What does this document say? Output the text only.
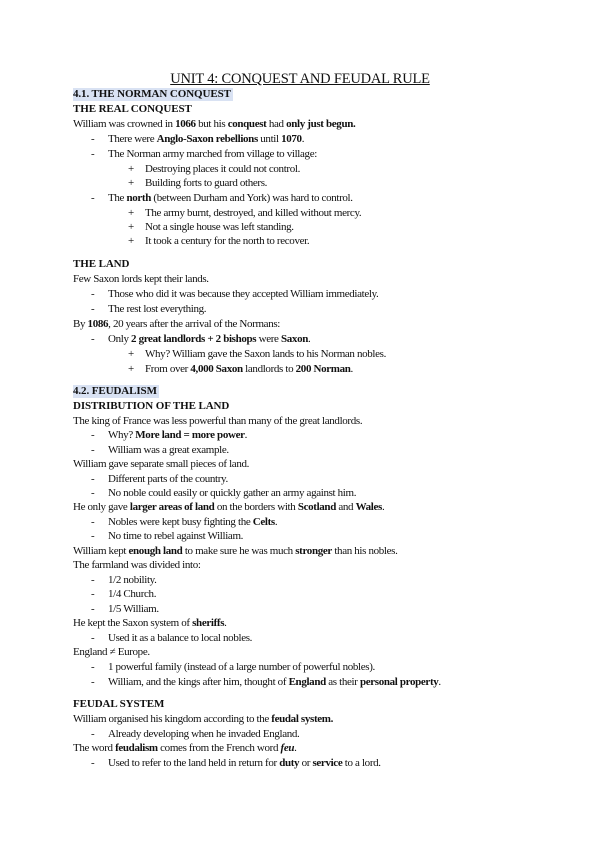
UNIT 4: CONQUEST AND FEUDAL RULE
4.1. THE NORMAN CONQUEST
THE REAL CONQUEST
William was crowned in 1066 but his conquest had only just begun.
- There were Anglo-Saxon rebellions until 1070.
- The Norman army marched from village to village:
+ Destroying places it could not control.
+ Building forts to guard others.
- The north (between Durham and York) was hard to control.
+ The army burnt, destroyed, and killed without mercy.
+ Not a single house was left standing.
+ It took a century for the north to recover.
THE LAND
Few Saxon lords kept their lands.
- Those who did it was because they accepted William immediately.
- The rest lost everything.
By 1086, 20 years after the arrival of the Normans:
- Only 2 great landlords + 2 bishops were Saxon.
+ Why? William gave the Saxon lands to his Norman nobles.
+ From over 4,000 Saxon landlords to 200 Norman.
4.2. FEUDALISM
DISTRIBUTION OF THE LAND
The king of France was less powerful than many of the great landlords.
- Why? More land = more power.
- William was a great example.
William gave separate small pieces of land.
- Different parts of the country.
- No noble could easily or quickly gather an army against him.
He only gave larger areas of land on the borders with Scotland and Wales.
- Nobles were kept busy fighting the Celts.
- No time to rebel against William.
William kept enough land to make sure he was much stronger than his nobles.
The farmland was divided into:
- 1/2 nobility.
- 1/4 Church.
- 1/5 William.
He kept the Saxon system of sheriffs.
- Used it as a balance to local nobles.
England ≠ Europe.
- 1 powerful family (instead of a large number of powerful nobles).
- William, and the kings after him, thought of England as their personal property.
FEUDAL SYSTEM
William organised his kingdom according to the feudal system.
- Already developing when he invaded England.
The word feudalism comes from the French word feu.
- Used to refer to the land held in return for duty or service to a lord.
